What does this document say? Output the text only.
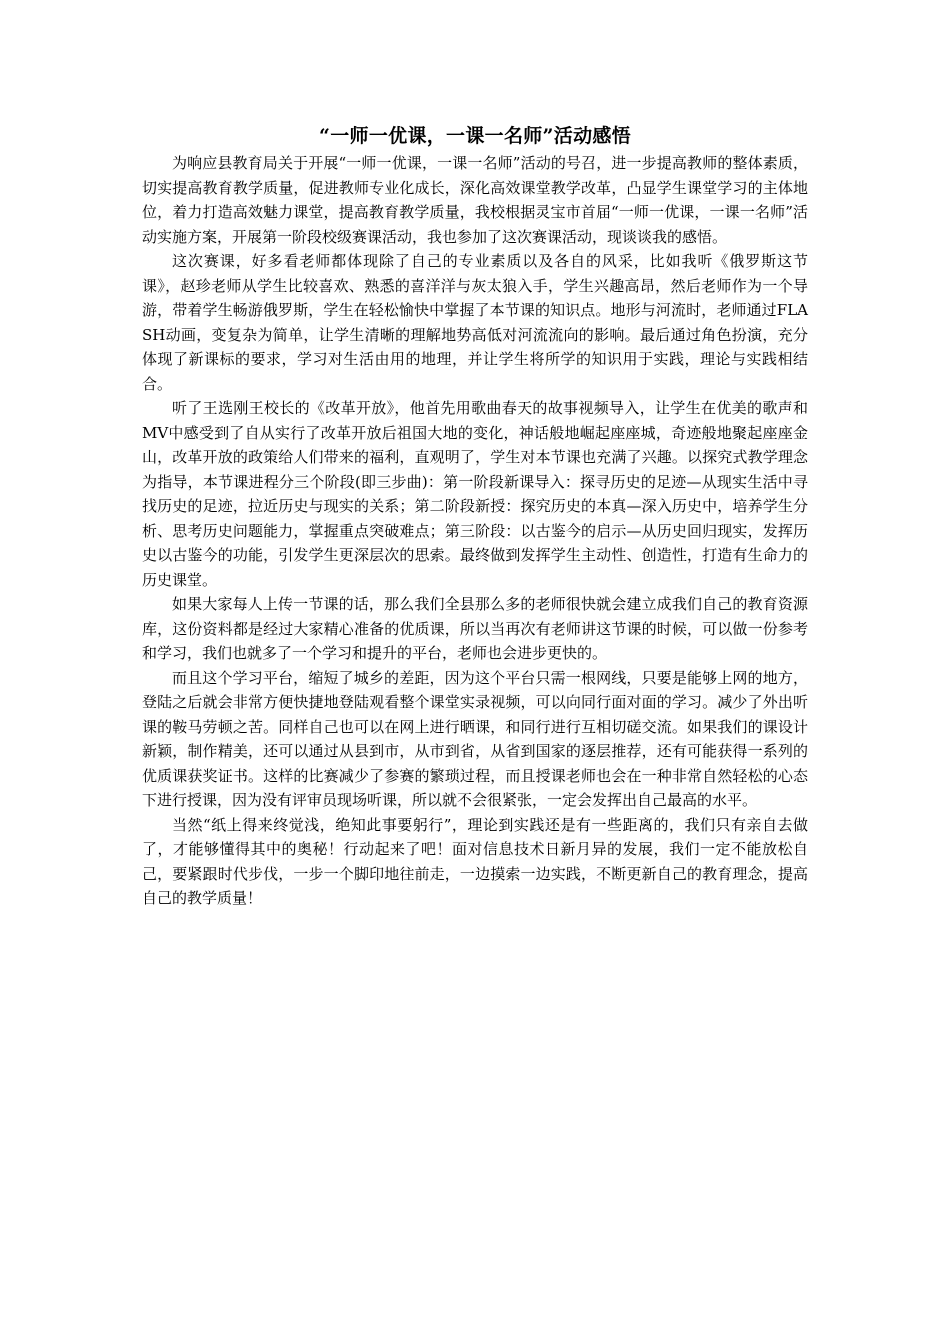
“一师一优课，一课一名师”活动感悟

为响应县教育局关于开展“一师一优课，一课一名师”活动的号召，进一步提高教师的整体素质，切实提高教育教学质量，促进教师专业化成长，深化高效课堂教学改革，凸显学生课堂学习的主体地位，着力打造高效魅力课堂，提高教育教学质量，我校根据灵宝市首届“一师一优课，一课一名师”活动实施方案，开展第一阶段校级赛课活动，我也参加了这次赛课活动，现谈谈我的感悟。

这次赛课，好多看老师都体现除了自己的专业素质以及各自的风采，比如我听《俄罗斯这节课》，赵珍老师从学生比较喜欢、熟悉的喜洋洋与灰太狼入手，学生兴趣高昂，然后老师作为一个导游，带着学生畅游俄罗斯，学生在轻松愉快中掌握了本节课的知识点。地形与河流时，老师通过FLASH动画，变复杂为简单，让学生清晰的理解地势高低对河流流向的影响。最后通过角色扮演，充分体现了新课标的要求，学习对生活由用的地理，并让学生将所学的知识用于实践，理论与实践相结合。

听了王选刚王校长的《改革开放》，他首先用歌曲春天的故事视频导入，让学生在优美的歌声和MV中感受到了自从实行了改革开放后祖国大地的变化，神话般地崛起座座城，奇迹般地聚起座座金山，改革开放的政策给人们带来的福利，直观明了，学生对本节课也充满了兴趣。以探究式教学理念为指导，本节课进程分三个阶段(即三步曲)：第一阶段新课导入：探寻历史的足迹—从现实生活中寻找历史的足迹，拉近历史与现实的关系；第二阶段新授：探究历史的本真—深入历史中，培养学生分析、思考历史问题能力，掌握重点突破难点；第三阶段：以古鉴今的启示—从历史回归现实，发挥历史以古鉴今的功能，引发学生更深层次的思索。最终做到发挥学生主动性、创造性，打造有生命力的历史课堂。

如果大家每人上传一节课的话，那么我们全县那么多的老师很快就会建立成我们自己的教育资源库，这份资料都是经过大家精心准备的优质课，所以当再次有老师讲这节课的时候，可以做一份参考和学习，我们也就多了一个学习和提升的平台，老师也会进步更快的。

而且这个学习平台，缩短了城乡的差距，因为这个平台只需一根网线，只要是能够上网的地方，登陆之后就会非常方便快捷地登陆观看整个课堂实录视频，可以向同行面对面的学习。减少了外出听课的鞍马劳顿之苦。同样自己也可以在网上进行晒课，和同行进行互相切磋交流。如果我们的课设计新颖，制作精美，还可以通过从县到市，从市到省，从省到国家的逐层推荐，还有可能获得一系列的优质课获奖证书。这样的比赛减少了参赛的繁琐过程，而且授课老师也会在一种非常自然轻松的心态下进行授课，因为没有评审员现场听课，所以就不会很紧张，一定会发挥出自己最高的水平。

当然“纸上得来终觉浅，绝知此事要躬行”，理论到实践还是有一些距离的，我们只有亲自去做了，才能够懂得其中的奥秘！行动起来了吧！面对信息技术日新月异的发展，我们一定不能放松自己，要紧跟时代步伐，一步一个脚印地往前走，一边摸索一边实践，不断更新自己的教育理念，提高自己的教学质量！
